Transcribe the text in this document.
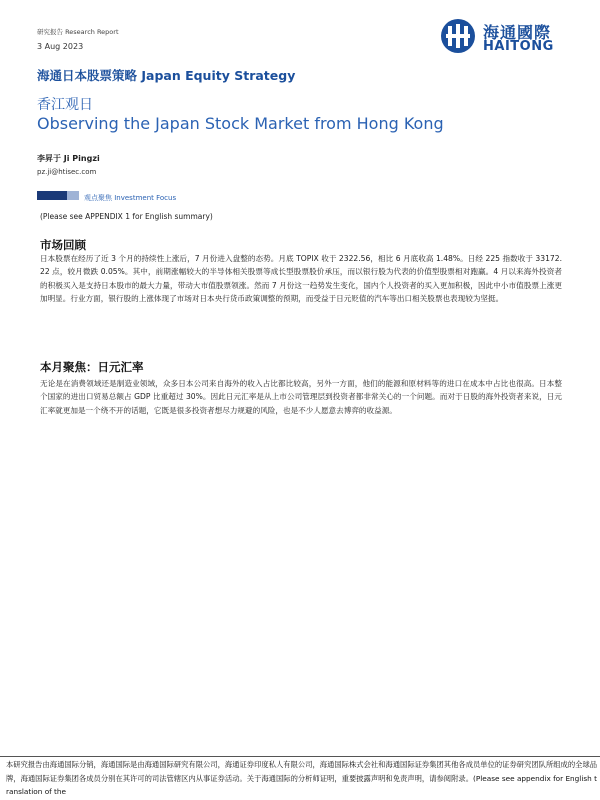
研究报告 Research Report
3 Aug 2023
海通國際
HAITONG
海通日本股票策略 Japan Equity Strategy
香江观日
Observing the Japan Stock Market from Hong Kong
李昇于 Ji Pingzi
pz.ji@htisec.com
观点聚焦 Investment Focus
(Please see APPENDIX 1 for English summary)
市场回顾
日本股票在经历了近 3 个月的持续性上涨后，7 月份进入盘整的态势。月底 TOPIX 收于 2322.56，相比 6 月底收高 1.48%。日经 225 指数收于 33172.22 点，较月微跌 0.05%。其中，前期涨幅较大的半导体相关股票等成长型股票股价承压，而以银行股为代表的价值型股票相对跑赢。4 月以来海外投资者的积极买入是支持日本股市的最大力量，带动大市值股票领涨。然而 7 月份这一趋势发生变化，国内个人投资者的买入更加积极，因此中小市值股票上涨更加明显。行业方面，银行股的上涨体现了市场对日本央行货币政策调整的预期，而受益于日元贬值的汽车等出口相关股票也表现较为坚挺。
本月聚焦：日元汇率
无论是在消费领域还是制造业领域，众多日本公司来自海外的收入占比都比较高，另外一方面，他们的能源和原材料等的进口在成本中占比也很高。日本整个国家的进出口贸易总额占 GDP 比重超过 30%。因此日元汇率是从上市公司管理层到投资者都非常关心的一个问题。而对于日股的海外投资者来说，日元汇率就更加是一个绕不开的话题，它既是很多投资者想尽力规避的风险，也是不少人愿意去博弈的收益源。
本研究报告由海通国际分销，海通国际是由海通国际研究有限公司，海通证券印度私人有限公司，海通国际株式会社和海通国际证券集团其他各成员单位的证券研究团队所组成的全球品牌，海通国际证券集团各成员分别在其许可的司法管辖区内从事证券活动。关于海通国际的分析师证明，重要披露声明和免责声明，请参阅附录。(Please see appendix for English translation of the
